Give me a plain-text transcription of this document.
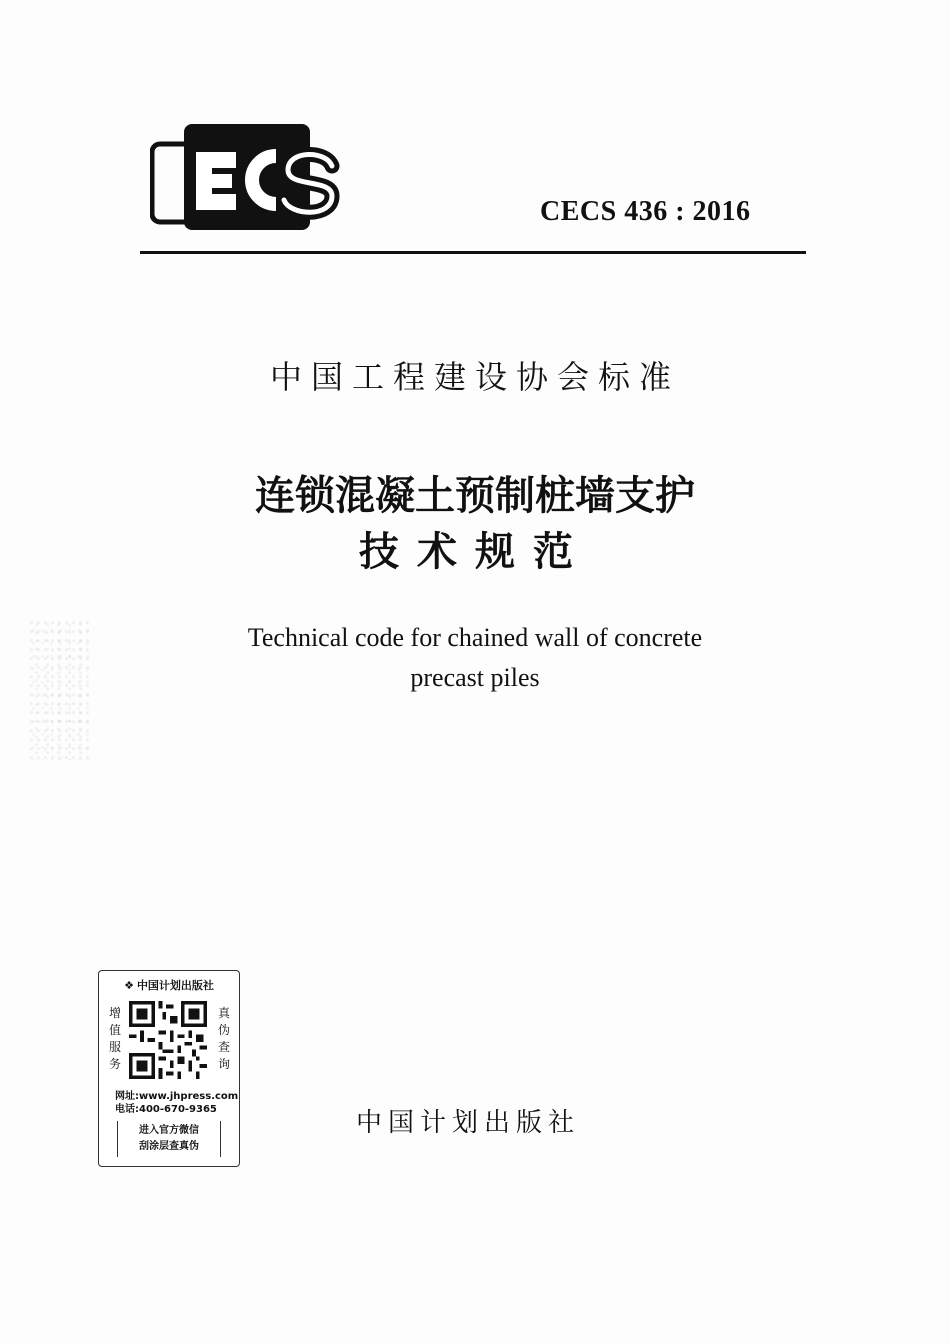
CECS 436 : 2016
中国工程建设协会标准
连锁混凝土预制桩墙支护
技术规范
Technical code for chained wall of concrete
precast piles
❖ 中国计划出版社
增值服务
真伪查询
网址:www.jhpress.com
电话:400-670-9365
进入官方微信
刮涂层查真伪
中国计划出版社
